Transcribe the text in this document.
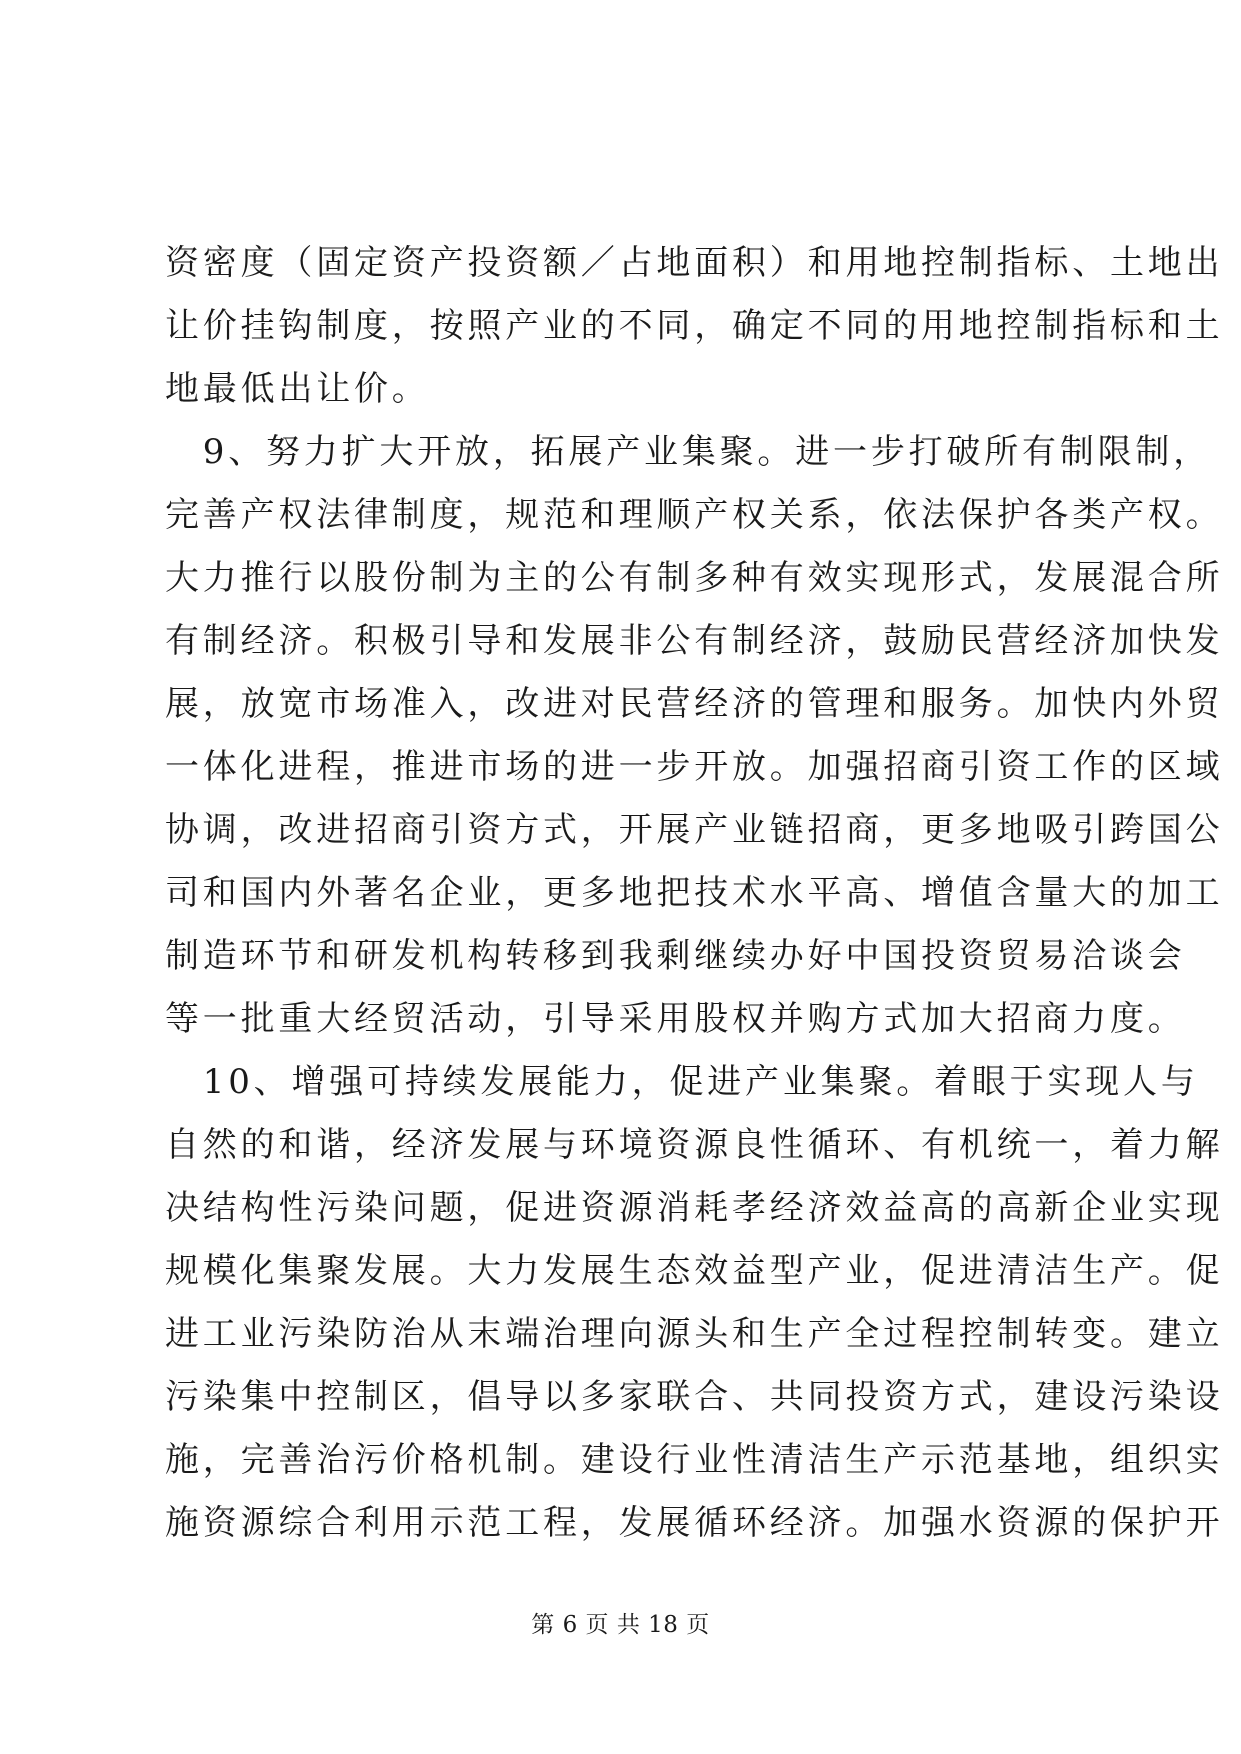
资密度（固定资产投资额／占地面积）和用地控制指标、土地出
让价挂钩制度，按照产业的不同，确定不同的用地控制指标和土
地最低出让价。

　9、努力扩大开放，拓展产业集聚。进一步打破所有制限制，
完善产权法律制度，规范和理顺产权关系，依法保护各类产权。
大力推行以股份制为主的公有制多种有效实现形式，发展混合所
有制经济。积极引导和发展非公有制经济，鼓励民营经济加快发
展，放宽市场准入，改进对民营经济的管理和服务。加快内外贸
一体化进程，推进市场的进一步开放。加强招商引资工作的区域
协调，改进招商引资方式，开展产业链招商，更多地吸引跨国公
司和国内外著名企业，更多地把技术水平高、增值含量大的加工
制造环节和研发机构转移到我剩继续办好中国投资贸易洽谈会
等一批重大经贸活动，引导采用股权并购方式加大招商力度。

　10、增强可持续发展能力，促进产业集聚。着眼于实现人与
自然的和谐，经济发展与环境资源良性循环、有机统一，着力解
决结构性污染问题，促进资源消耗孝经济效益高的高新企业实现
规模化集聚发展。大力发展生态效益型产业，促进清洁生产。促
进工业污染防治从末端治理向源头和生产全过程控制转变。建立
污染集中控制区，倡导以多家联合、共同投资方式，建设污染设
施，完善治污价格机制。建设行业性清洁生产示范基地，组织实
施资源综合利用示范工程，发展循环经济。加强水资源的保护开

第 6 页 共 18 页
